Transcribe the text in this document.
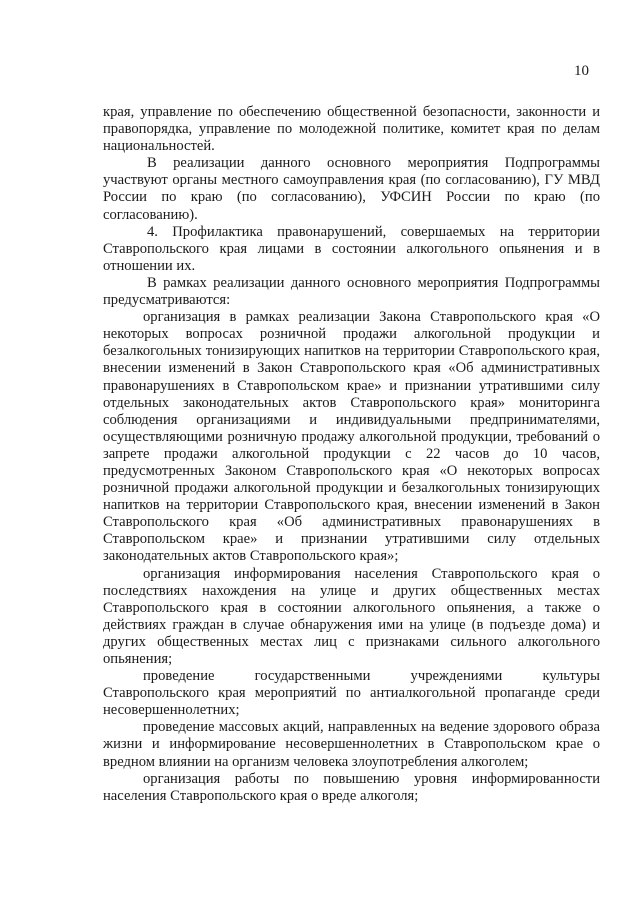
10

края, управление по обеспечению общественной безопасности, законности и правопорядка, управление по молодежной политике, комитет края по делам национальностей.

В реализации данного основного мероприятия Подпрограммы участвуют органы местного самоуправления края (по согласованию), ГУ МВД России по краю (по согласованию), УФСИН России по краю (по согласованию).

4. Профилактика правонарушений, совершаемых на территории Ставропольского края лицами в состоянии алкогольного опьянения и в отношении их.

В рамках реализации данного основного мероприятия Подпрограммы предусматриваются:

организация в рамках реализации Закона Ставропольского края «О некоторых вопросах розничной продажи алкогольной продукции и безалкогольных тонизирующих напитков на территории Ставропольского края, внесении изменений в Закон Ставропольского края «Об административных правонарушениях в Ставропольском крае» и признании утратившими силу отдельных законодательных актов Ставропольского края» мониторинга соблюдения организациями и индивидуальными предпринимателями, осуществляющими розничную продажу алкогольной продукции, требований о запрете продажи алкогольной продукции с 22 часов до 10 часов, предусмотренных Законом Ставропольского края «О некоторых вопросах розничной продажи алкогольной продукции и безалкогольных тонизирующих напитков на территории Ставропольского края, внесении изменений в Закон Ставропольского края «Об административных правонарушениях в Ставропольском крае» и признании утратившими силу отдельных законодательных актов Ставропольского края»;

организация информирования населения Ставропольского края о последствиях нахождения на улице и других общественных местах Ставропольского края в состоянии алкогольного опьянения, а также о действиях граждан в случае обнаружения ими на улице (в подъезде дома) и других общественных местах лиц с признаками сильного алкогольного опьянения;

проведение государственными учреждениями культуры Ставропольского края мероприятий по антиалкогольной пропаганде среди несовершеннолетних;

проведение массовых акций, направленных на ведение здорового образа жизни и информирование несовершеннолетних в Ставропольском крае о вредном влиянии на организм человека злоупотребления алкоголем;

организация работы по повышению уровня информированности населения Ставропольского края о вреде алкоголя;
